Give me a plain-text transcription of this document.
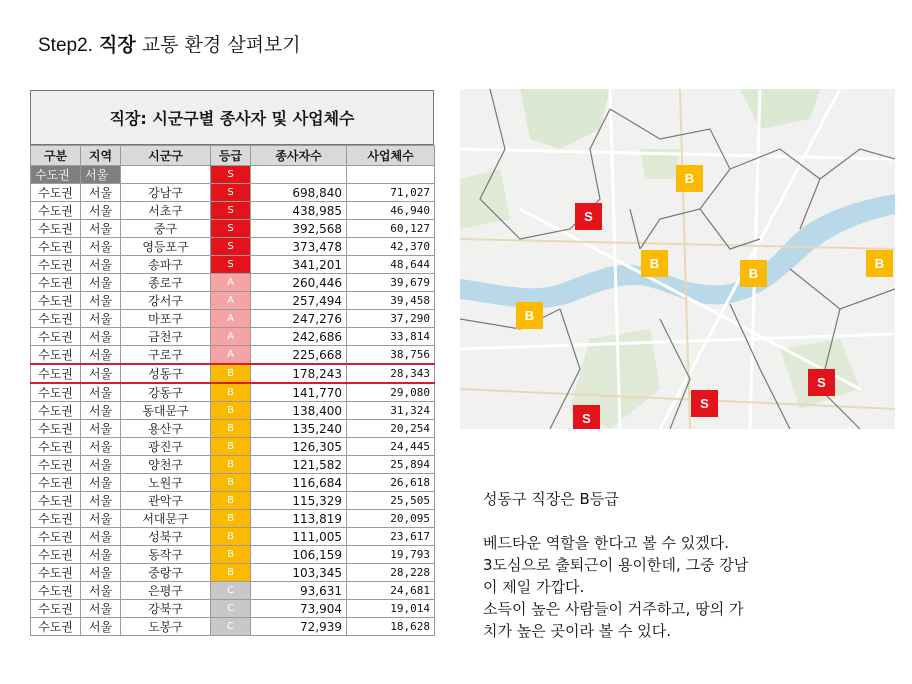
Step2. 직장 교통 환경 살펴보기
직장: 시군구별 종사자 및 사업체수
구분	지역	시군구	등급	종사자수	사업체수
수도권	서울		S		
수도권	서울	강남구	S	698,840	71,027
수도권	서울	서초구	S	438,985	46,940
수도권	서울	중구	S	392,568	60,127
수도권	서울	영등포구	S	373,478	42,370
수도권	서울	송파구	S	341,201	48,644
수도권	서울	종로구	A	260,446	39,679
수도권	서울	강서구	A	257,494	39,458
수도권	서울	마포구	A	247,276	37,290
수도권	서울	금천구	A	242,686	33,814
수도권	서울	구로구	A	225,668	38,756
수도권	서울	성동구	B	178,243	28,343
수도권	서울	강동구	B	141,770	29,080
수도권	서울	동대문구	B	138,400	31,324
수도권	서울	용산구	B	135,240	20,254
수도권	서울	광진구	B	126,305	24,445
수도권	서울	양천구	B	121,582	25,894
수도권	서울	노원구	B	116,684	26,618
수도권	서울	관악구	B	115,329	25,505
수도권	서울	서대문구	B	113,819	20,095
수도권	서울	성북구	B	111,005	23,617
수도권	서울	동작구	B	106,159	19,793
수도권	서울	중랑구	B	103,345	28,228
수도권	서울	은평구	C	93,631	24,681
수도권	서울	강북구	C	73,904	19,014
수도권	서울	도봉구	C	72,939	18,628
S
B
B
B
B
B
S
S
S

성동구 직장은 B등급

베드타운 역할을 한다고 볼 수 있겠다.

3도심으로 출퇴근이 용이한데, 그중 강남

이 제일 가깝다.

소득이 높은 사람들이 거주하고, 땅의 가

치가 높은 곳이라 볼 수 있다.
